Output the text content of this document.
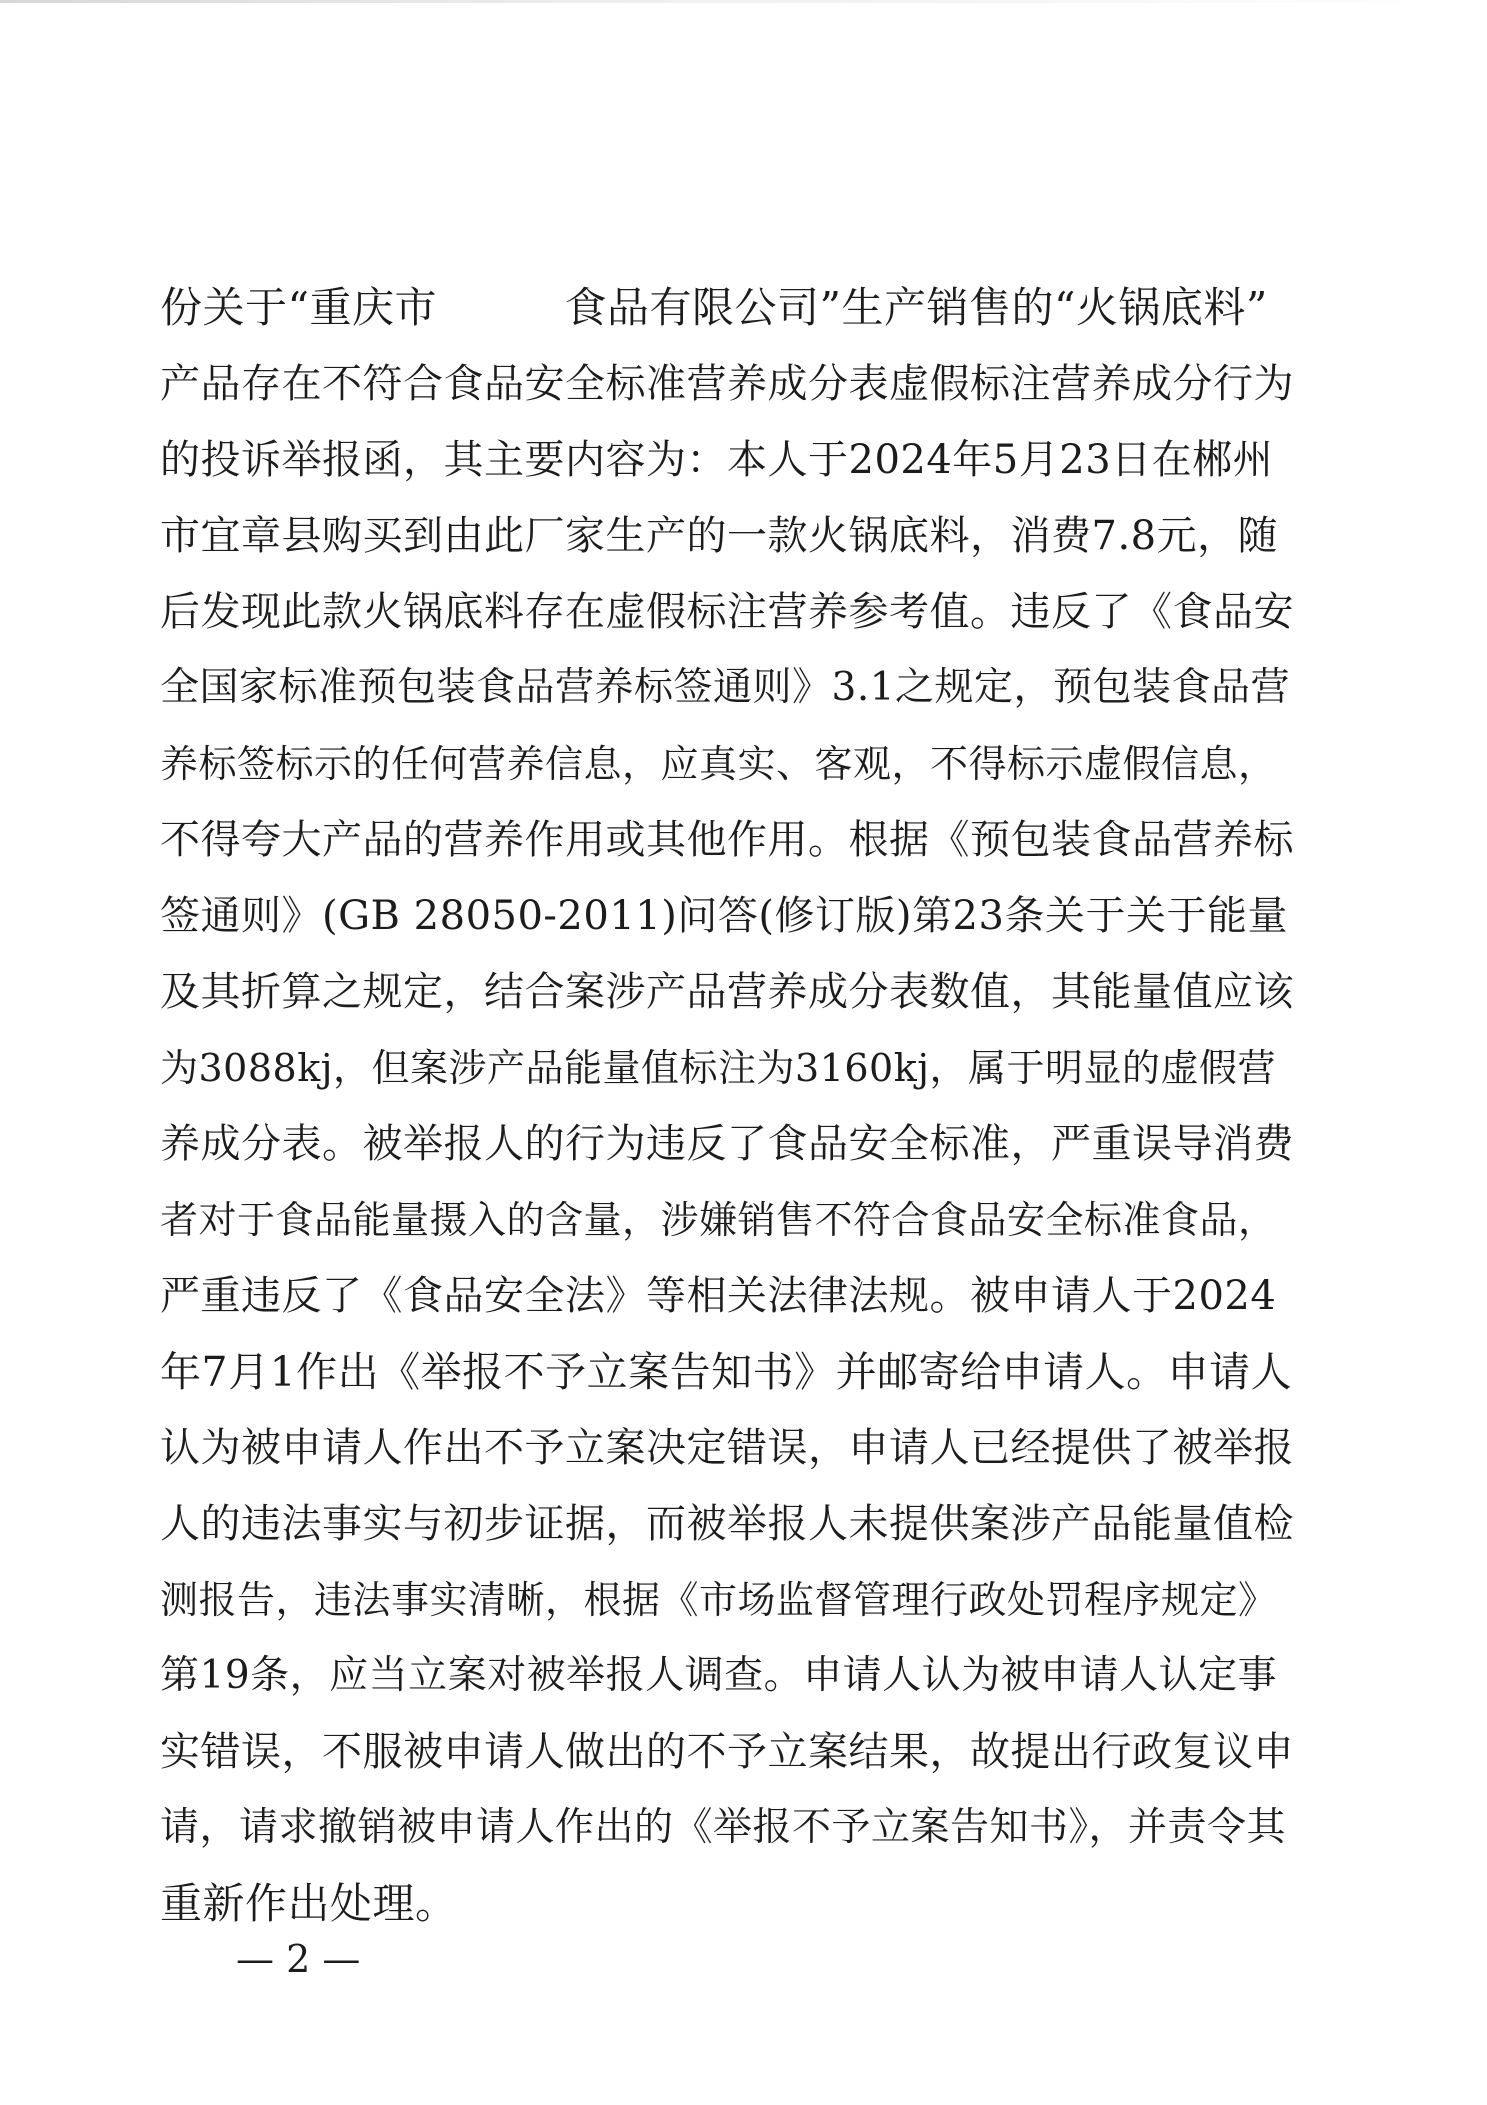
份关于“重庆市　　　食品有限公司”生产销售的“火锅底料”
产品存在不符合食品安全标准营养成分表虚假标注营养成分行为
的投诉举报函，其主要内容为：本人于2024年5月23日在郴州
市宜章县购买到由此厂家生产的一款火锅底料，消费7.8元，随
后发现此款火锅底料存在虚假标注营养参考值。违反了《食品安
全国家标准预包装食品营养标签通则》3.1之规定，预包装食品营
养标签标示的任何营养信息，应真实、客观，不得标示虚假信息，
不得夸大产品的营养作用或其他作用。根据《预包装食品营养标
签通则》(GB 28050-2011)问答(修订版)第23条关于关于能量
及其折算之规定，结合案涉产品营养成分表数值，其能量值应该
为3088kj，但案涉产品能量值标注为3160kj，属于明显的虚假营
养成分表。被举报人的行为违反了食品安全标准，严重误导消费
者对于食品能量摄入的含量，涉嫌销售不符合食品安全标准食品，
严重违反了《食品安全法》等相关法律法规。被申请人于2024
年7月1作出《举报不予立案告知书》并邮寄给申请人。申请人
认为被申请人作出不予立案决定错误，申请人已经提供了被举报
人的违法事实与初步证据，而被举报人未提供案涉产品能量值检
测报告，违法事实清晰，根据《市场监督管理行政处罚程序规定》
第19条，应当立案对被举报人调查。申请人认为被申请人认定事
实错误，不服被申请人做出的不予立案结果，故提出行政复议申
请，请求撤销被申请人作出的《举报不予立案告知书》，并责令其
重新作出处理。
— 2 —
